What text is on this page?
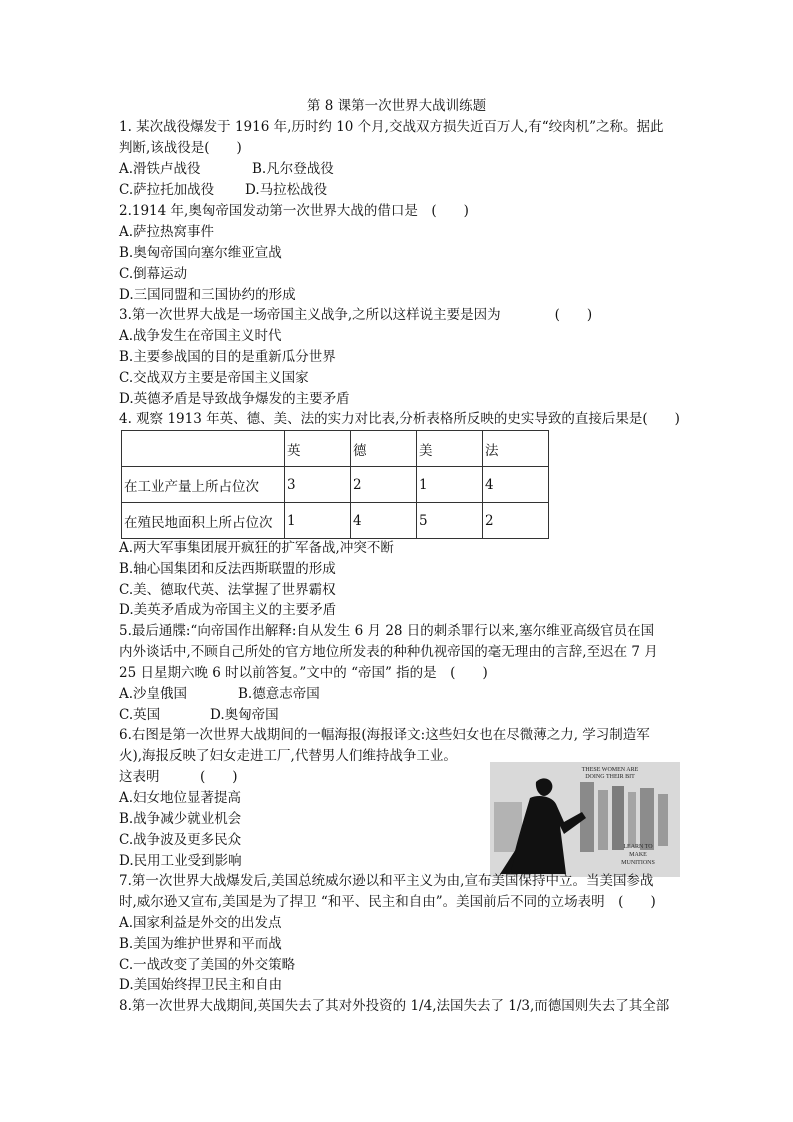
第 8 课第一次世界大战训练题
1. 某次战役爆发于 1916 年,历时约 10 个月,交战双方损失近百万人,有“绞肉机”之称。据此
判断,该战役是(　　)
A.滑铁卢战役	B.凡尔登战役
C.萨拉托加战役 D.马拉松战役
2.1914 年,奥匈帝国发动第一次世界大战的借口是　(　　)
A.萨拉热窝事件
B.奥匈帝国向塞尔维亚宣战
C.倒幕运动
D.三国同盟和三国协约的形成
3.第一次世界大战是一场帝国主义战争,之所以这样说主要是因为　　　　(　　)
A.战争发生在帝国主义时代
B.主要参战国的目的是重新瓜分世界
C.交战双方主要是帝国主义国家
D.英德矛盾是导致战争爆发的主要矛盾
4. 观察 1913 年英、德、美、法的实力对比表,分析表格所反映的史实导致的直接后果是(　　)
	英	德	美	法
在工业产量上所占位次	3	2	1	4
在殖民地面积上所占位次	1	4	5	2
A.两大军事集团展开疯狂的扩军备战,冲突不断
B.轴心国集团和反法西斯联盟的形成
C.美、德取代英、法掌握了世界霸权
D.美英矛盾成为帝国主义的主要矛盾
5.最后通牒:“向帝国作出解释:自从发生 6 月 28 日的刺杀罪行以来,塞尔维亚高级官员在国
内外谈话中,不顾自己所处的官方地位所发表的种种仇视帝国的毫无理由的言辞,至迟在 7 月
25 日星期六晚 6 时以前答复。”文中的 “帝国” 指的是　(　　)
A.沙皇俄国	B.德意志帝国
C.英国	D.奥匈帝国
6.右图是第一次世界大战期间的一幅海报(海报译文:这些妇女也在尽微薄之力, 学习制造军
火),海报反映了妇女走进工厂,代替男人们维持战争工业。
这表明　　　(　　)
A.妇女地位显著提高
B.战争减少就业机会
C.战争波及更多民众
D.民用工业受到影响
THESE WOMEN ARE
DOING THEIR BIT
LEARN TO
MAKE
MUNITIONS
7.第一次世界大战爆发后,美国总统威尔逊以和平主义为由,宣布美国保持中立。当美国参战
时,威尔逊又宣布,美国是为了捍卫 “和平、民主和自由”。美国前后不同的立场表明　(　　)
A.国家利益是外交的出发点
B.美国为维护世界和平而战
C.一战改变了美国的外交策略
D.美国始终捍卫民主和自由
8.第一次世界大战期间,英国失去了其对外投资的 1/4,法国失去了 1/3,而德国则失去了其全部
